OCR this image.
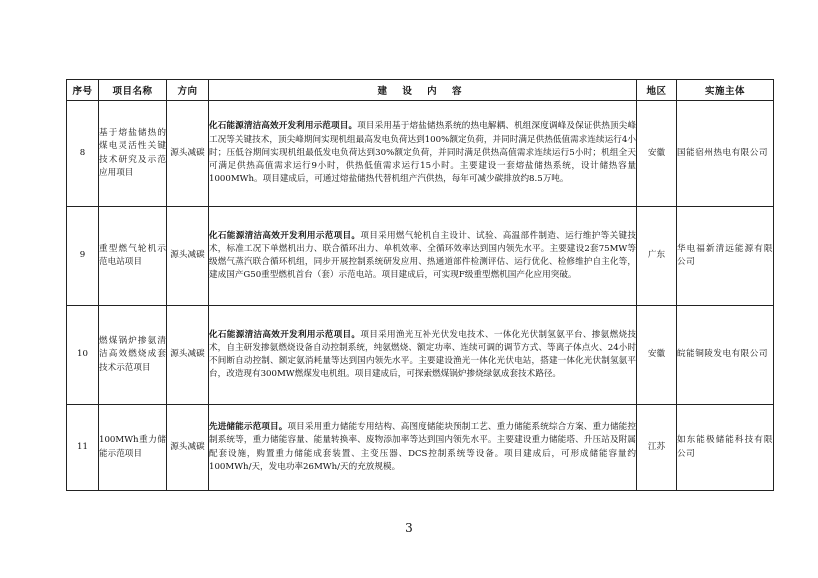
序号	项目名称	方向	建 设 内 容	地区	实施主体
8	基于熔盐储热的煤电灵活性关键技术研究及示范应用项目	源头减碳	化石能源清洁高效开发利用示范项目。项目采用基于熔盐储热系统的热电解耦、机组深度调峰及保证供热顶尖峰工况等关键技术，顶尖峰期间实现机组最高发电负荷达到100%额定负荷，并同时满足供热低值需求连续运行4小时；压低谷期间实现机组最低发电负荷达到30%额定负荷，并同时满足供热高值需求连续运行5小时；机组全天可满足供热高值需求运行9小时，供热低值需求运行15小时。主要建设一套熔盐储热系统，设计储热容量1000MWh。项目建成后，可通过熔盐储热代替机组产汽供热，每年可减少碳排放约8.5万吨。	安徽	国能宿州热电有限公司
9	重型燃气轮机示范电站项目	源头减碳	化石能源清洁高效开发利用示范项目。项目采用燃气轮机自主设计、试验、高温部件制造、运行维护等关键技术，标准工况下单燃机出力、联合循环出力、单机效率、全循环效率达到国内领先水平。主要建设2套75MW等级燃气蒸汽联合循环机组，同步开展控制系统研发应用、热通道部件检测评估、运行优化、检修维护自主化等，建成国产G50重型燃机首台（套）示范电站。项目建成后，可实现F级重型燃机国产化应用突破。	广东	华电福新清远能源有限公司
10	燃煤锅炉掺氨清洁高效燃烧成套技术示范项目	源头减碳	化石能源清洁高效开发利用示范项目。项目采用渔光互补光伏发电技术、一体化光伏制氢氨平台、掺氨燃烧技术，自主研发掺氨燃烧设备自动控制系统，纯氨燃烧、额定功率、连续可调的调节方式、等离子体点火、24小时不间断自动控制、额定氨消耗量等达到国内领先水平。主要建设渔光一体化光伏电站，搭建一体化光伏制氢氨平台，改造现有300MW燃煤发电机组。项目建成后，可探索燃煤锅炉掺烧绿氨成套技术路径。	安徽	皖能铜陵发电有限公司
11	100MWh重力储能示范项目	源头减碳	先进储能示范项目。项目采用重力储能专用结构、高图度储能块预制工艺、重力储能系统综合方案、重力储能控制系统等，重力储能容量、能量转换率、废物添加率等达到国内领先水平。主要建设重力储能塔、升压站及附属配套设施，购置重力储能成套装置、主变压器、DCS控制系统等设备。项目建成后，可形成储能容量约100MWh/天，发电功率26MWh/天的充放规模。	江苏	如东能极储能科技有限公司
3
